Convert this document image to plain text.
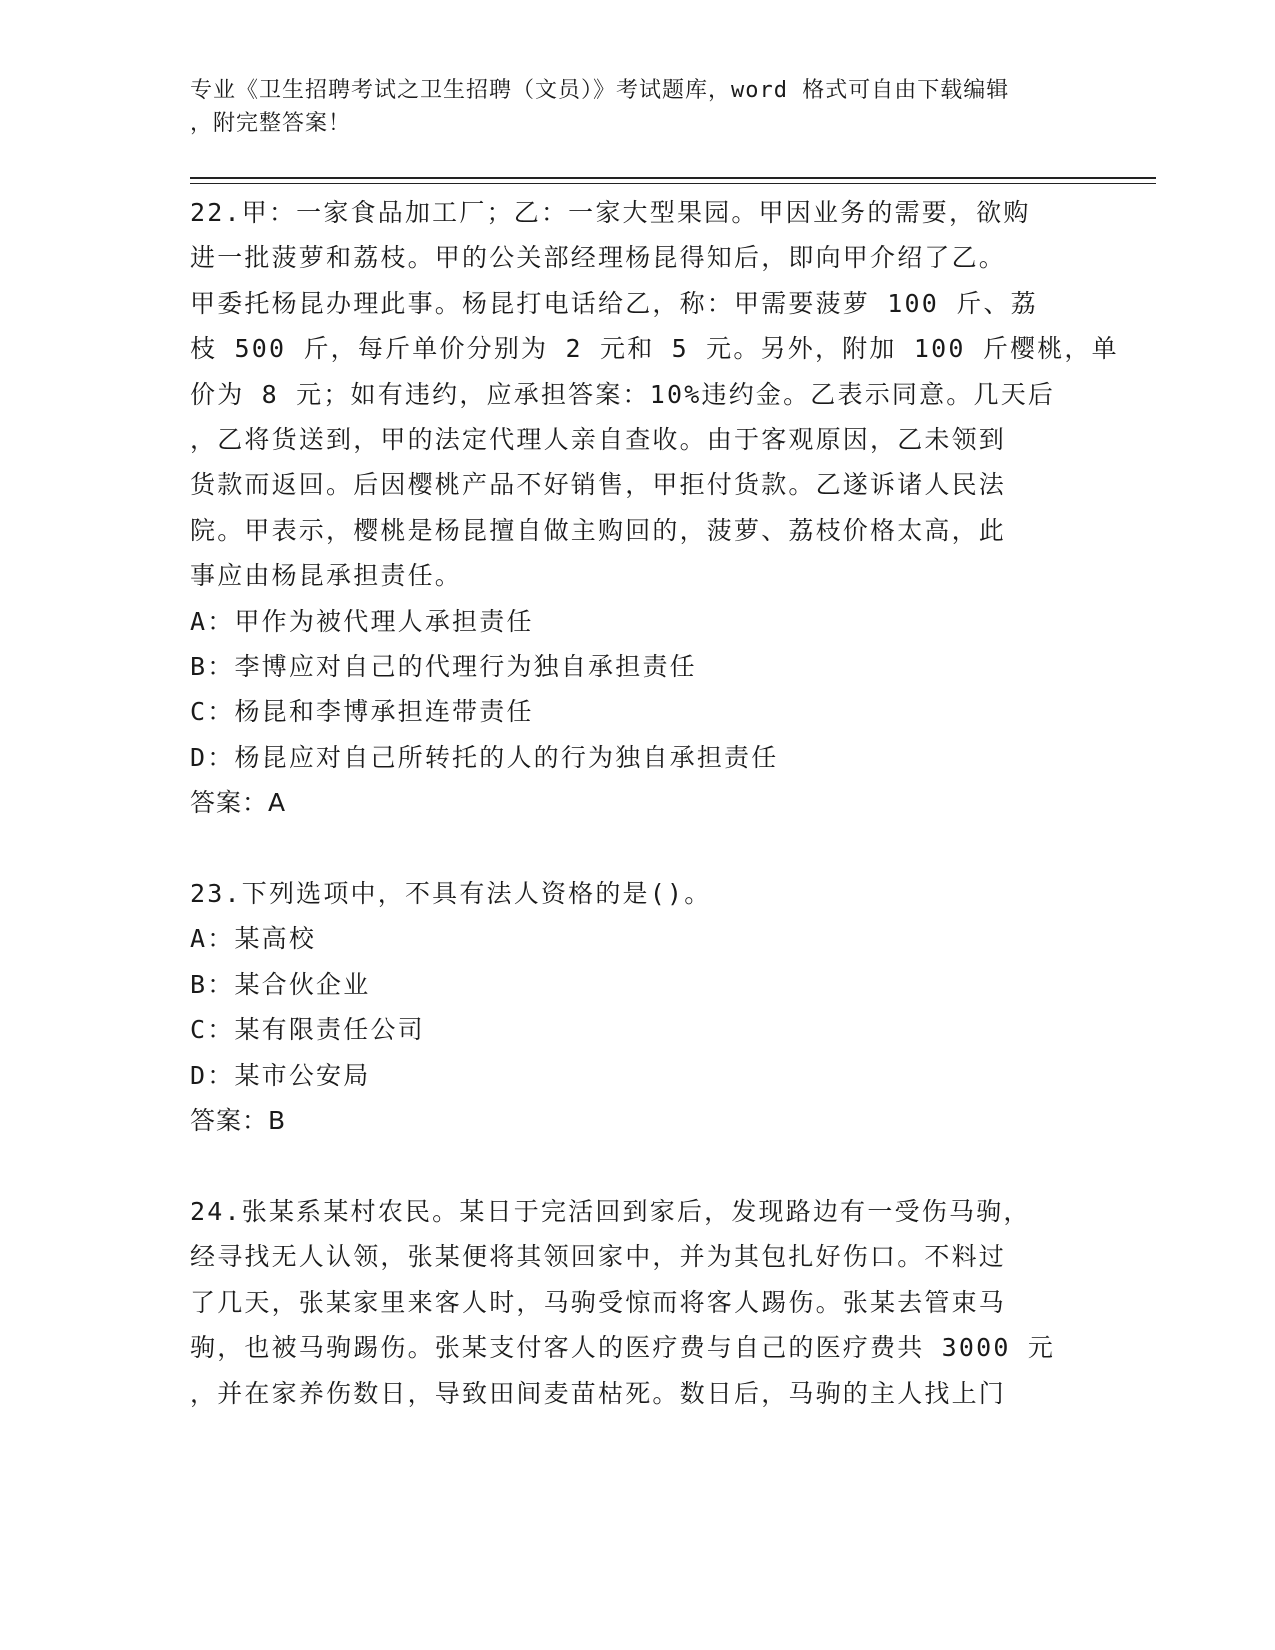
专业《卫生招聘考试之卫生招聘（文员）》考试题库，word 格式可自由下载编辑
，附完整答案！
22.甲：一家食品加工厂；乙：一家大型果园。甲因业务的需要，欲购
进一批菠萝和荔枝。甲的公关部经理杨昆得知后，即向甲介绍了乙。
甲委托杨昆办理此事。杨昆打电话给乙，称：甲需要菠萝 100 斤、荔
枝 500 斤，每斤单价分别为 2 元和 5 元。另外，附加 100 斤樱桃，单
价为 8 元；如有违约，应承担答案：10%违约金。乙表示同意。几天后
，乙将货送到，甲的法定代理人亲自查收。由于客观原因，乙未领到
货款而返回。后因樱桃产品不好销售，甲拒付货款。乙遂诉诸人民法
院。甲表示，樱桃是杨昆擅自做主购回的，菠萝、荔枝价格太高，此
事应由杨昆承担责任。
A：甲作为被代理人承担责任
B：李博应对自己的代理行为独自承担责任
C：杨昆和李博承担连带责任
D：杨昆应对自己所转托的人的行为独自承担责任
答案：A
23.下列选项中，不具有法人资格的是()。
A：某高校
B：某合伙企业
C：某有限责任公司
D：某市公安局
答案：B
24.张某系某村农民。某日于完活回到家后，发现路边有一受伤马驹，
经寻找无人认领，张某便将其领回家中，并为其包扎好伤口。不料过
了几天，张某家里来客人时，马驹受惊而将客人踢伤。张某去管束马
驹，也被马驹踢伤。张某支付客人的医疗费与自己的医疗费共 3000 元
，并在家养伤数日，导致田间麦苗枯死。数日后，马驹的主人找上门
